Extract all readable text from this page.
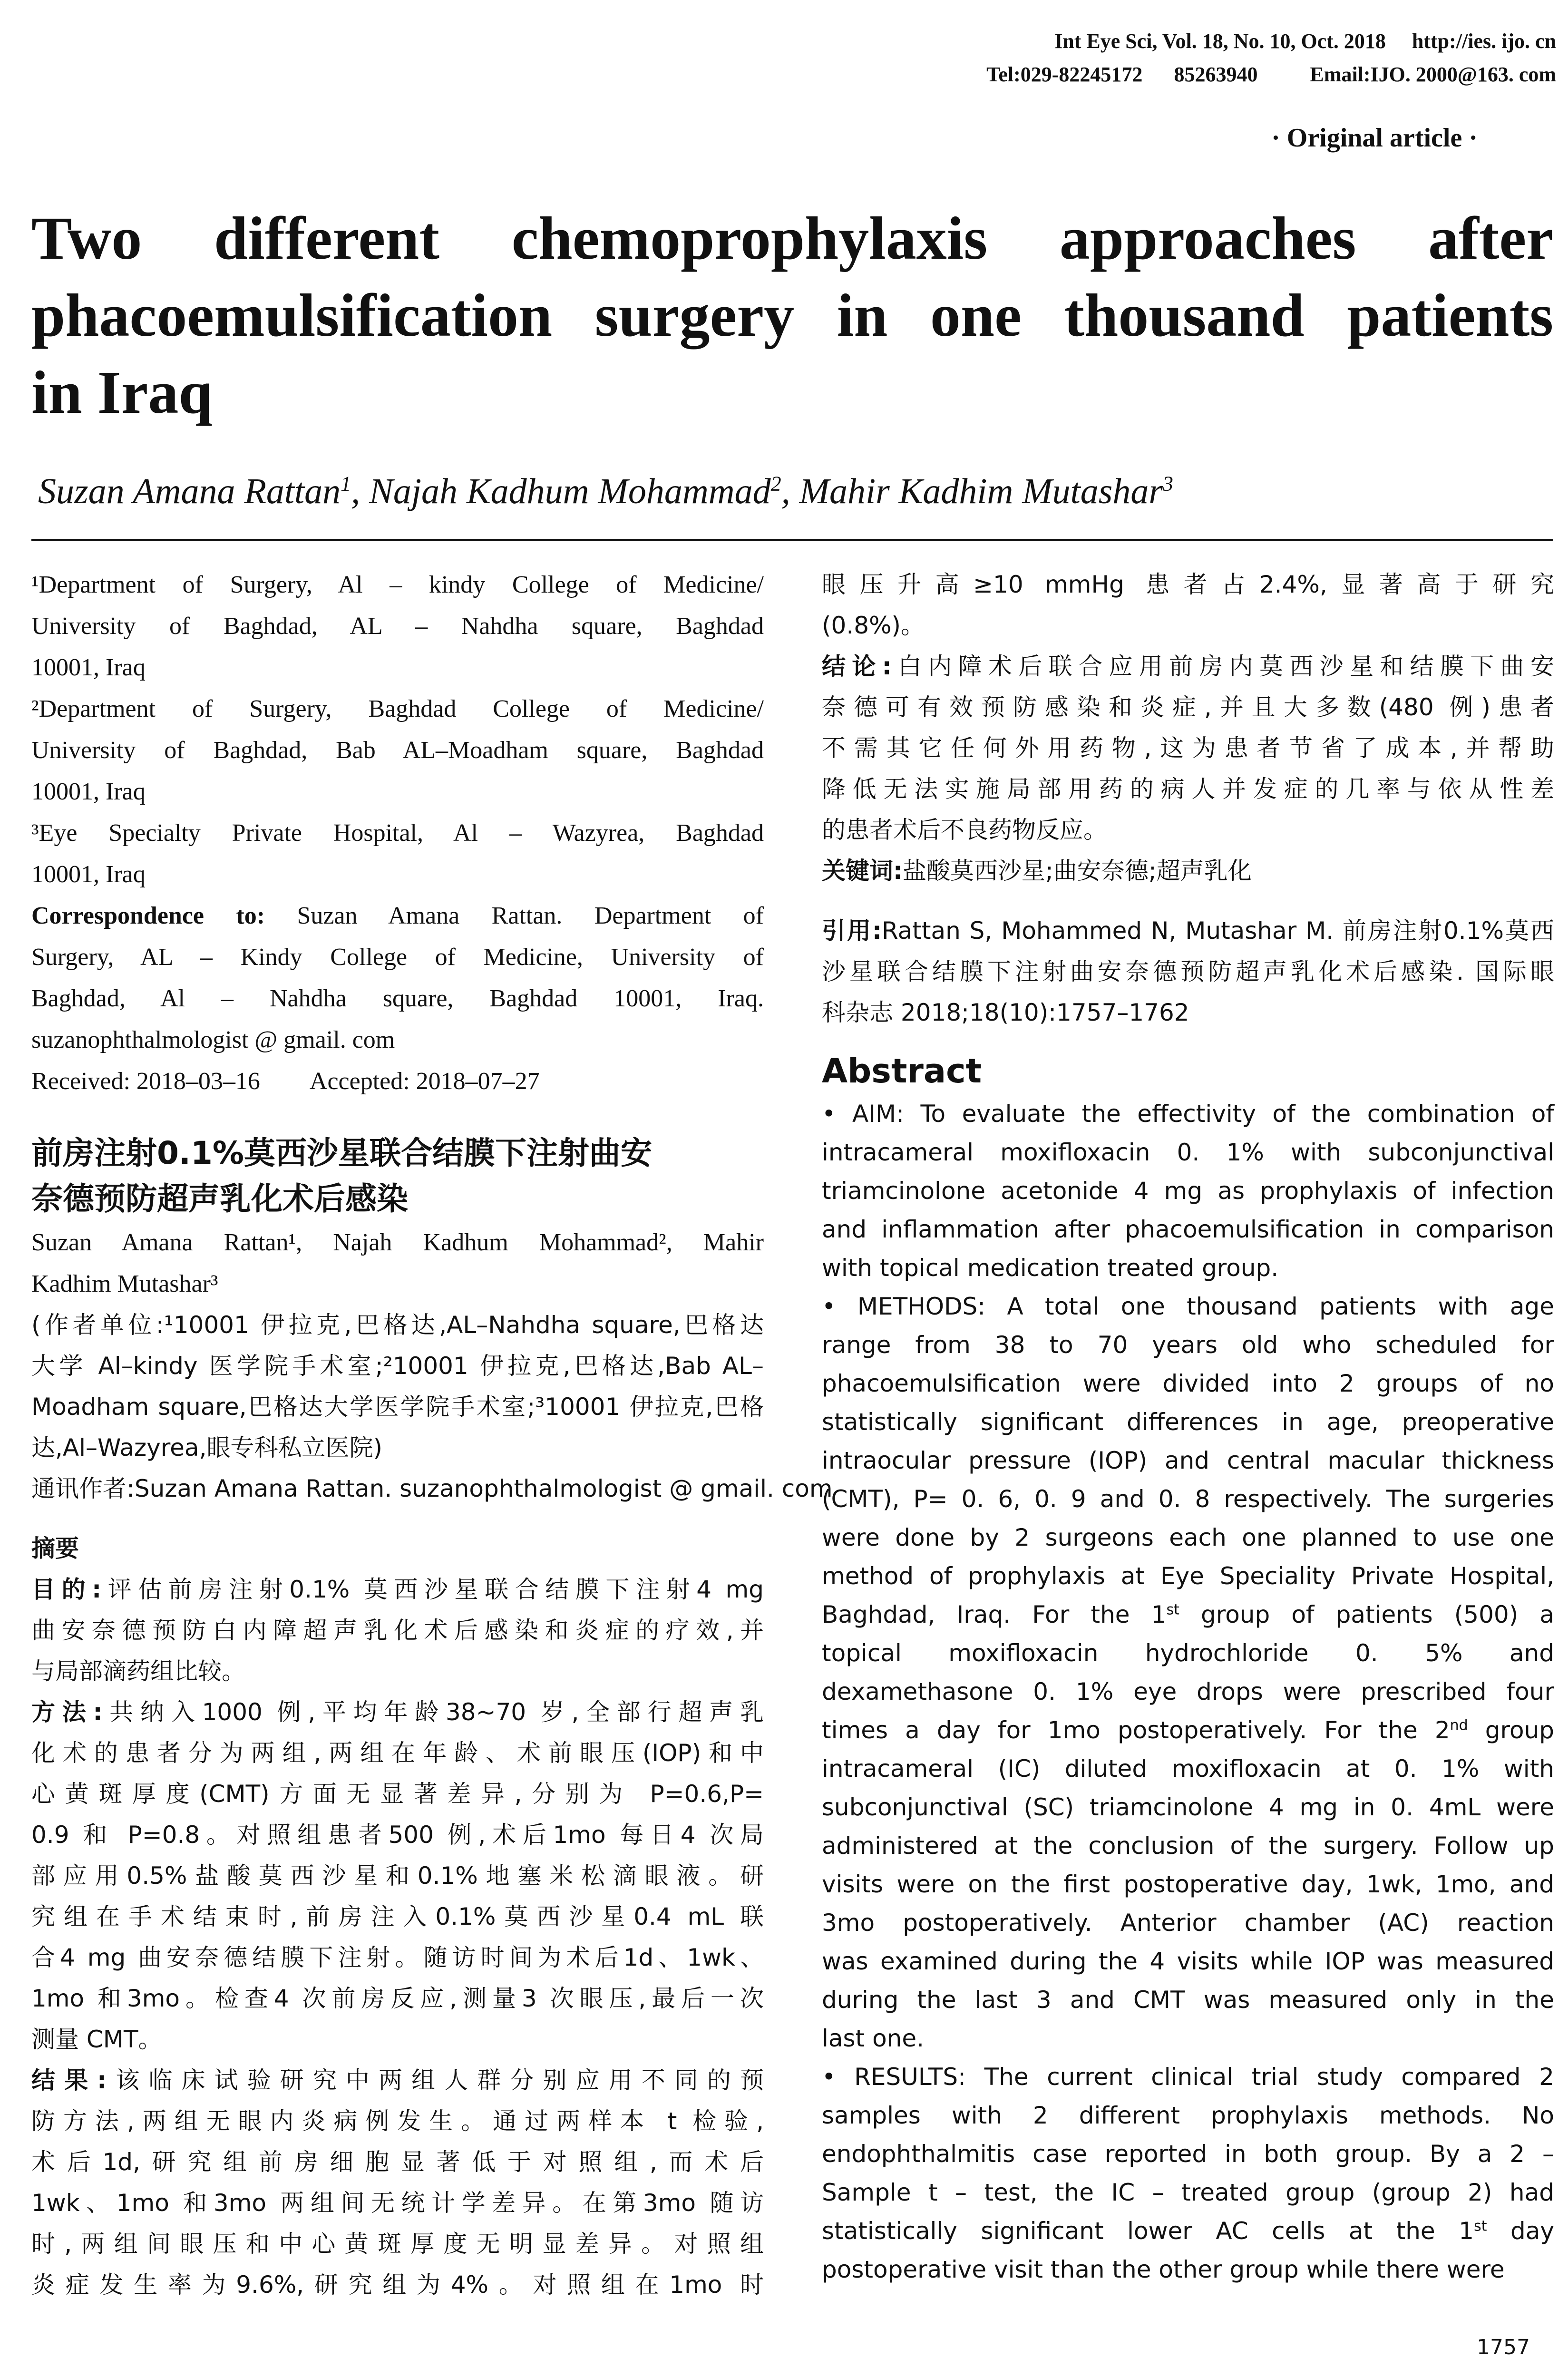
Int Eye Sci, Vol. 18, No. 10, Oct. 2018 http://ies. ijo. cn
Tel:029-82245172 85263940	Email:IJO. 2000@163. com
· Original article ·
Two different chemoprophylaxis approaches after
phacoemulsification surgery in one thousand patients
in Iraq
Suzan Amana Rattan$^1$, Najah Kadhum Mohammad$^2$, Mahir Kadhim Mutashar$^3$
¹Department of Surgery, Al – kindy College of Medicine/
University of Baghdad, AL – Nahdha square, Baghdad
10001, Iraq
²Department of Surgery, Baghdad College of Medicine/
University of Baghdad, Bab AL–Moadham square, Baghdad
10001, Iraq
³Eye Specialty Private Hospital, Al – Wazyrea, Baghdad
10001, Iraq
Correspondence to: Suzan Amana Rattan. Department of
Surgery, AL – Kindy College of Medicine, University of
Baghdad, Al – Nahdha square, Baghdad 10001, Iraq.
suzanophthalmologist @ gmail. com
Received: 2018–03–16 Accepted: 2018–07–27
前房注射0.1%莫西沙星联合结膜下注射曲安
奈德预防超声乳化术后感染
Suzan Amana Rattan¹, Najah Kadhum Mohammad², Mahir
Kadhim Mutashar³
(作者单位:¹10001 伊拉克,巴格达,AL–Nahdha square,巴格达
大学 Al–kindy 医学院手术室;²10001 伊拉克,巴格达,Bab AL–
Moadham square,巴格达大学医学院手术室;³10001 伊拉克,巴格
达,Al–Wazyrea,眼专科私立医院)
通讯作者:Suzan Amana Rattan. suzanophthalmologist @ gmail. com
摘要
目的:评估前房注射0.1% 莫西沙星联合结膜下注射4 mg
曲安奈德预防白内障超声乳化术后感染和炎症的疗效,并
与局部滴药组比较。
方法:共纳入1000 例,平均年龄38~70 岁,全部行超声乳
化术的患者分为两组,两组在年龄、术前眼压(IOP)和中
心黄斑厚度(CMT)方面无显著差异,分别为 P=0.6,P=
0.9 和 P=0.8。对照组患者500 例,术后1mo 每日4 次局
部应用0.5%盐酸莫西沙星和0.1%地塞米松滴眼液。研
究组在手术结束时,前房注入0.1%莫西沙星0.4 mL 联
合4 mg 曲安奈德结膜下注射。随访时间为术后1d、1wk、
1mo 和3mo。检查4 次前房反应,测量3 次眼压,最后一次
测量 CMT。
结果:该临床试验研究中两组人群分别应用不同的预
防方法,两组无眼内炎病例发生。通过两样本 t 检验,
术后1d,研究组前房细胞显著低于对照组,而术后
1wk、1mo 和3mo 两组间无统计学差异。在第3mo 随访
时,两组间眼压和中心黄斑厚度无明显差异。对照组
炎症发生率为9.6%,研究组为4%。对照组在1mo 时
眼压升高≥10 mmHg 患者占2.4%,显著高于研究
(0.8%)。
结论:白内障术后联合应用前房内莫西沙星和结膜下曲安
奈德可有效预防感染和炎症,并且大多数(480 例)患者
不需其它任何外用药物,这为患者节省了成本,并帮助
降低无法实施局部用药的病人并发症的几率与依从性差
的患者术后不良药物反应。
关键词:盐酸莫西沙星;曲安奈德;超声乳化
引用:Rattan S, Mohammed N, Mutashar M. 前房注射0.1%莫西
沙星联合结膜下注射曲安奈德预防超声乳化术后感染. 国际眼
科杂志 2018;18(10):1757–1762
Abstract
• AIM: To evaluate the effectivity of the combination of
intracameral moxifloxacin 0. 1% with subconjunctival
triamcinolone acetonide 4 mg as prophylaxis of infection
and inflammation after phacoemulsification in comparison
with topical medication treated group.
• METHODS: A total one thousand patients with age
range from 38 to 70 years old who scheduled for
phacoemulsification were divided into 2 groups of no
statistically significant differences in age, preoperative
intraocular pressure (IOP) and central macular thickness
(CMT), P= 0. 6, 0. 9 and 0. 8 respectively. The surgeries
were done by 2 surgeons each one planned to use one
method of prophylaxis at Eye Speciality Private Hospital,
Baghdad, Iraq. For the 1st group of patients (500) a
topical moxifloxacin hydrochloride 0. 5% and
dexamethasone 0. 1% eye drops were prescribed four
times a day for 1mo postoperatively. For the 2nd group
intracameral (IC) diluted moxifloxacin at 0. 1% with
subconjunctival (SC) triamcinolone 4 mg in 0. 4mL were
administered at the conclusion of the surgery. Follow up
visits were on the first postoperative day, 1wk, 1mo, and
3mo postoperatively. Anterior chamber (AC) reaction
was examined during the 4 visits while IOP was measured
during the last 3 and CMT was measured only in the
last one.
• RESULTS: The current clinical trial study compared 2
samples with 2 different prophylaxis methods. No
endophthalmitis case reported in both group. By a 2 –
Sample t – test, the IC – treated group (group 2) had
statistically significant lower AC cells at the 1st day
postoperative visit than the other group while there were
1757
